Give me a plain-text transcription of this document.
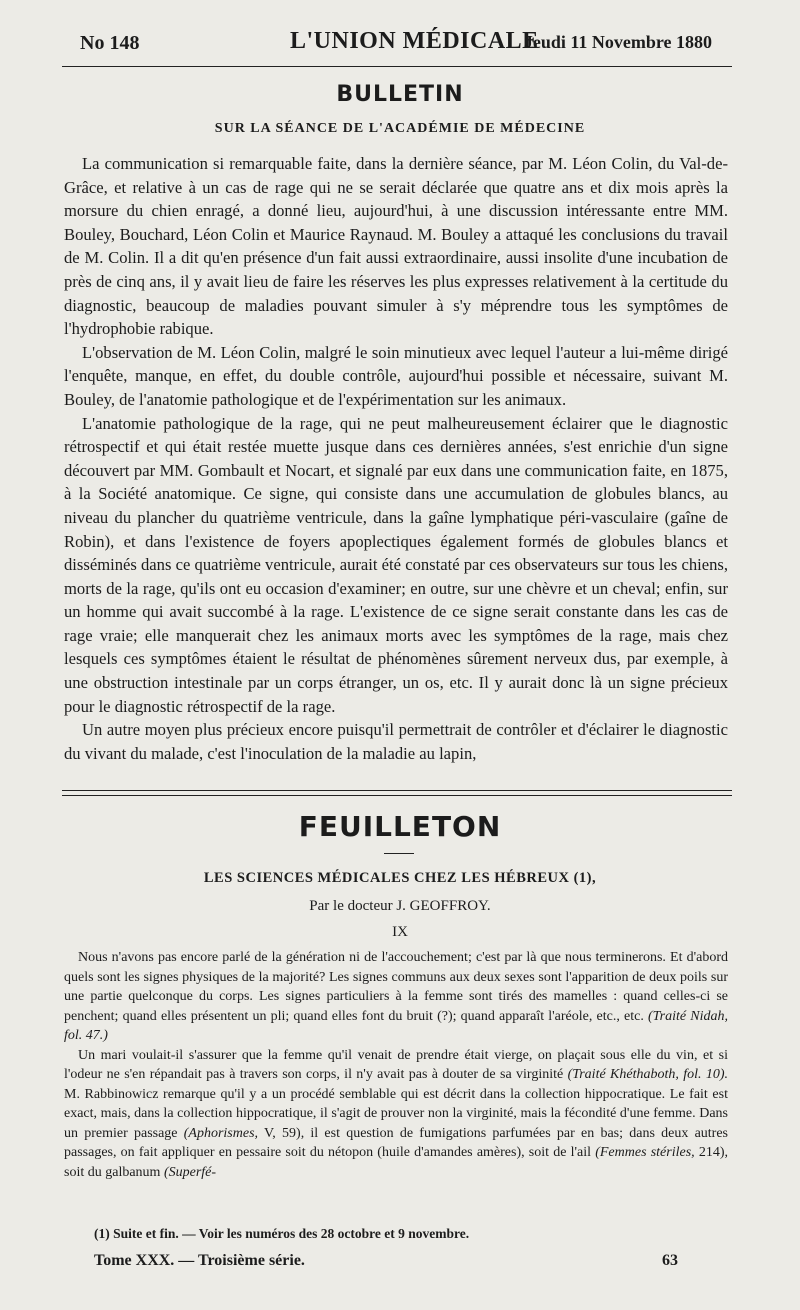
No 148	L'UNION MÉDICALE
Jeudi 11 Novembre 1880
BULLETIN
SUR LA SÉANCE DE L'ACADÉMIE DE MÉDECINE

La communication si remarquable faite, dans la dernière séance, par M. Léon Colin, du Val-de-Grâce, et relative à un cas de rage qui ne se serait déclarée que quatre ans et dix mois après la morsure du chien enragé, a donné lieu, aujourd'hui, à une discussion intéressante entre MM. Bouley, Bouchard, Léon Colin et Maurice Raynaud. M. Bouley a attaqué les conclusions du travail de M. Colin. Il a dit qu'en présence d'un fait aussi extraordinaire, aussi insolite d'une incubation de près de cinq ans, il y avait lieu de faire les réserves les plus expresses relativement à la certitude du diagnostic, beaucoup de maladies pouvant simuler à s'y méprendre tous les symptômes de l'hydrophobie rabique.

L'observation de M. Léon Colin, malgré le soin minutieux avec lequel l'auteur a lui-même dirigé l'enquête, manque, en effet, du double contrôle, aujourd'hui possible et nécessaire, suivant M. Bouley, de l'anatomie pathologique et de l'expérimentation sur les animaux.

L'anatomie pathologique de la rage, qui ne peut malheureusement éclairer que le diagnostic rétrospectif et qui était restée muette jusque dans ces dernières années, s'est enrichie d'un signe découvert par MM. Gombault et Nocart, et signalé par eux dans une communication faite, en 1875, à la Société anatomique. Ce signe, qui consiste dans une accumulation de globules blancs, au niveau du plancher du quatrième ventricule, dans la gaîne lymphatique péri-vasculaire (gaîne de Robin), et dans l'existence de foyers apoplectiques également formés de globules blancs et disséminés dans ce quatrième ventricule, aurait été constaté par ces observateurs sur tous les chiens, morts de la rage, qu'ils ont eu occasion d'examiner; en outre, sur une chèvre et un cheval; enfin, sur un homme qui avait succombé à la rage. L'existence de ce signe serait constante dans les cas de rage vraie; elle manquerait chez les animaux morts avec les symptômes de la rage, mais chez lesquels ces symptômes étaient le résultat de phénomènes sûrement nerveux dus, par exemple, à une obstruction intestinale par un corps étranger, un os, etc. Il y aurait donc là un signe précieux pour le diagnostic rétrospectif de la rage.

Un autre moyen plus précieux encore puisqu'il permettrait de contrôler et d'éclairer le diagnostic du vivant du malade, c'est l'inoculation de la maladie au lapin,

FEUILLETON
LES SCIENCES MÉDICALES CHEZ LES HÉBREUX (1),
Par le docteur J. GEOFFROY.
IX

Nous n'avons pas encore parlé de la génération ni de l'accouchement; c'est par là que nous terminerons. Et d'abord quels sont les signes physiques de la majorité? Les signes communs aux deux sexes sont l'apparition de deux poils sur une partie quelconque du corps. Les signes particuliers à la femme sont tirés des mamelles : quand celles-ci se penchent; quand elles présentent un pli; quand elles font du bruit (?); quand apparaît l'aréole, etc., etc. (Traité Nidah, fol. 47.)

Un mari voulait-il s'assurer que la femme qu'il venait de prendre était vierge, on plaçait sous elle du vin, et si l'odeur ne s'en répandait pas à travers son corps, il n'y avait pas à douter de sa virginité (Traité Khéthaboth, fol. 10). M. Rabbinowicz remarque qu'il y a un procédé semblable qui est décrit dans la collection hippocratique. Le fait est exact, mais, dans la collection hippocratique, il s'agit de prouver non la virginité, mais la fécondité d'une femme. Dans un premier passage (Aphorismes, V, 59), il est question de fumigations parfumées par en bas; dans deux autres passages, on fait appliquer en pessaire soit du nétopon (huile d'amandes amères), soit de l'ail (Femmes stériles, 214), soit du galbanum (Superfé-

(1) Suite et fin. — Voir les numéros des 28 octobre et 9 novembre.
Tome XXX. — Troisième série.	63
